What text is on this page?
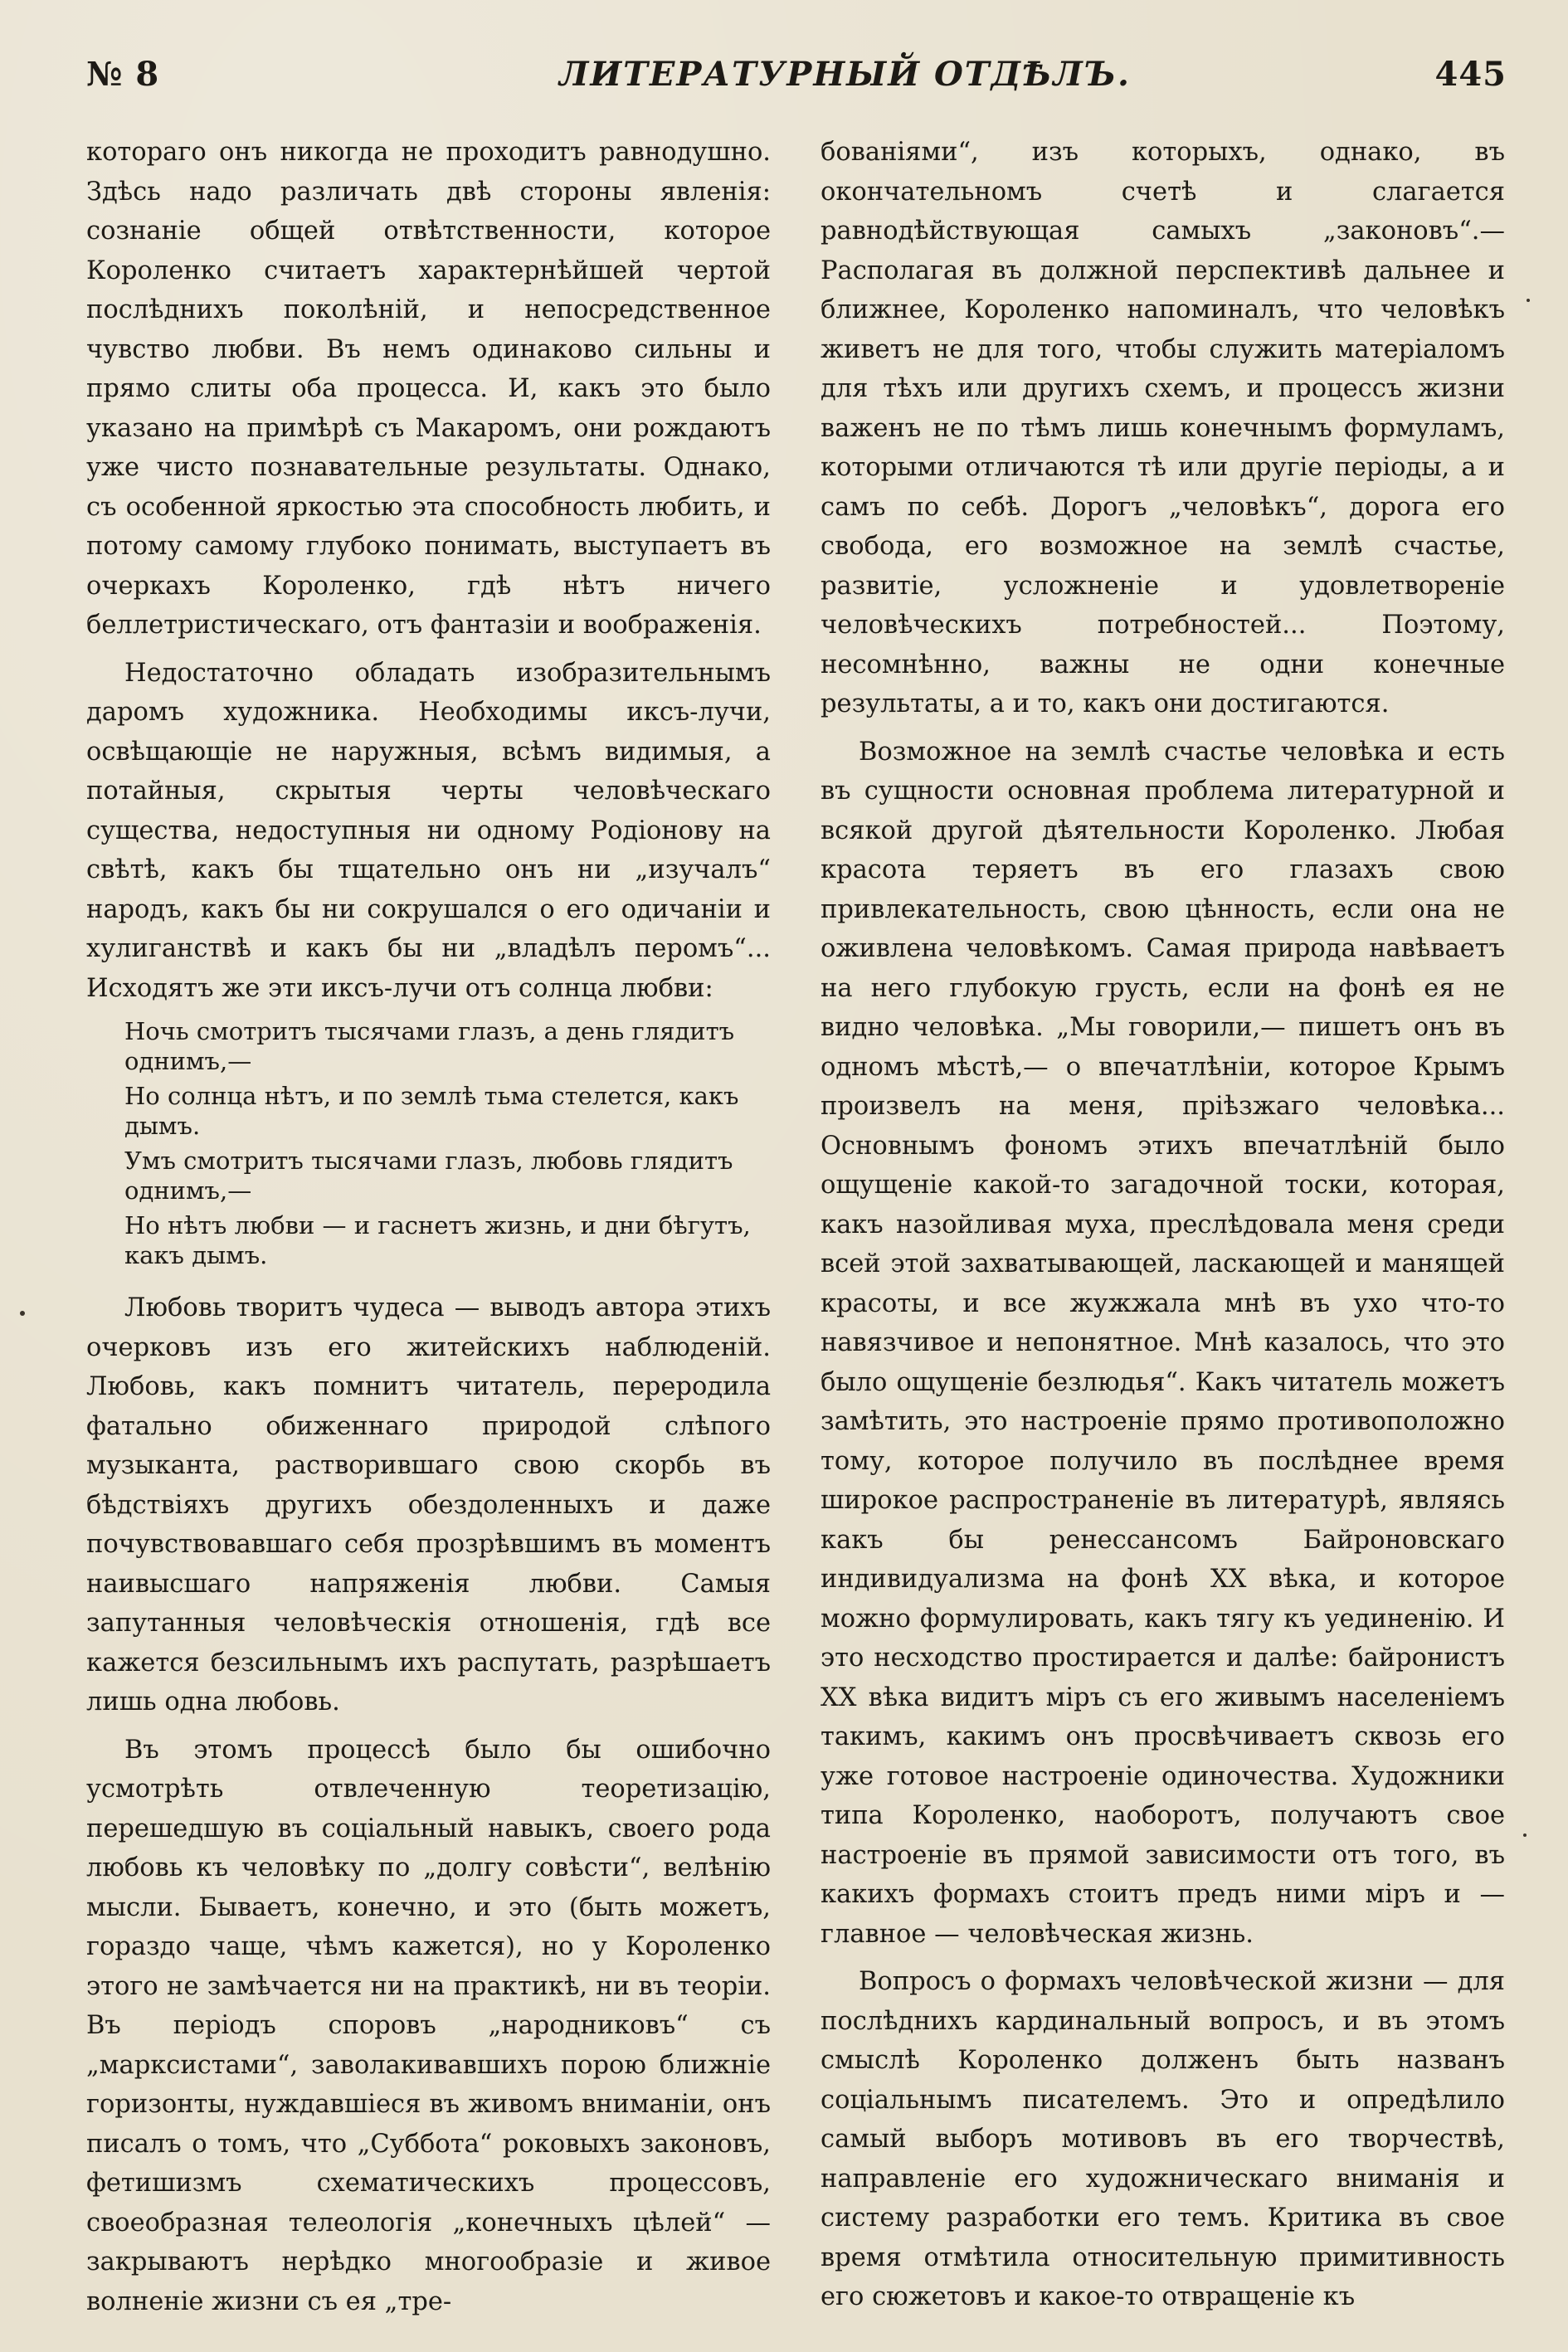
№ 8	ЛИТЕРАТУРНЫЙ ОТДѢЛЪ.	445

котораго онъ никогда не проходитъ равнодушно. Здѣсь надо различать двѣ стороны явленія: сознаніе общей отвѣтственности, которое Короленко считаетъ характернѣйшей чертой послѣднихъ поколѣній, и непосредственное чувство любви. Въ немъ одинаково сильны и прямо слиты оба процесса. И, какъ это было указано на примѣрѣ съ Макаромъ, они рождаютъ уже чисто познавательные результаты. Однако, съ особенной яркостью эта способность любить, и потому самому глубоко понимать, выступаетъ въ очеркахъ Короленко, гдѣ нѣтъ ничего беллетристическаго, отъ фантазіи и воображенія.

Недостаточно обладать изобразительнымъ даромъ художника. Необходимы иксъ-лучи, освѣщающіе не наружныя, всѣмъ видимыя, а потайныя, скрытыя черты человѣческаго существа, недоступныя ни одному Родіонову на свѣтѣ, какъ бы тщательно онъ ни „изучалъ“ народъ, какъ бы ни сокрушался о его одичаніи и хулиганствѣ и какъ бы ни „владѣлъ перомъ“... Исходятъ же эти иксъ-лучи отъ солнца любви:

Ночь смотритъ тысячами глазъ, а день глядитъ однимъ,—
Но солнца нѣтъ, и по землѣ тьма стелется, какъ дымъ.
Умъ смотритъ тысячами глазъ, любовь глядитъ однимъ,—
Но нѣтъ любви — и гаснетъ жизнь, и дни бѣгутъ, какъ дымъ.

Любовь творитъ чудеса — выводъ автора этихъ очерковъ изъ его житейскихъ наблюденій. Любовь, какъ помнитъ читатель, переродила фатально обиженнаго природой слѣпого музыканта, растворившаго свою скорбь въ бѣдствіяхъ другихъ обездоленныхъ и даже почувствовавшаго себя прозрѣвшимъ въ моментъ наивысшаго напряженія любви. Самыя запутанныя человѣческія отношенія, гдѣ все кажется безсильнымъ ихъ распутать, разрѣшаетъ лишь одна любовь.

Въ этомъ процессѣ было бы ошибочно усмотрѣть отвлеченную теоретизацію, перешедшую въ соціальный навыкъ, своего рода любовь къ человѣку по „долгу совѣсти“, велѣнію мысли. Бываетъ, конечно, и это (быть можетъ, гораздо чаще, чѣмъ кажется), но у Короленко этого не замѣчается ни на практикѣ, ни въ теоріи. Въ періодъ споровъ „народниковъ“ съ „марксистами“, заволакивавшихъ порою ближніе горизонты, нуждавшіеся въ живомъ вниманіи, онъ писалъ о томъ, что „Суббота“ роковыхъ законовъ, фетишизмъ схематическихъ процессовъ, своеобразная телеологія „конечныхъ цѣлей“ — закрываютъ нерѣдко многообразіе и живое волненіе жизни съ ея „тре-

бованіями“, изъ которыхъ, однако, въ окончательномъ счетѣ и слагается равнодѣйствующая самыхъ „законовъ“.— Располагая въ должной перспективѣ дальнее и ближнее, Короленко напоминалъ, что человѣкъ живетъ не для того, чтобы служить матеріаломъ для тѣхъ или другихъ схемъ, и процессъ жизни важенъ не по тѣмъ лишь конечнымъ формуламъ, которыми отличаются тѣ или другіе періоды, а и самъ по себѣ. Дорогъ „человѣкъ“, дорога его свобода, его возможное на землѣ счастье, развитіе, усложненіе и удовлетвореніе человѣческихъ потребностей... Поэтому, несомнѣнно, важны не одни конечные результаты, а и то, какъ они достигаются.

Возможное на землѣ счастье человѣка и есть въ сущности основная проблема литературной и всякой другой дѣятельности Короленко. Любая красота теряетъ въ его глазахъ свою привлекательность, свою цѣнность, если она не оживлена человѣкомъ. Самая природа навѣваетъ на него глубокую грусть, если на фонѣ ея не видно человѣка. „Мы говорили,— пишетъ онъ въ одномъ мѣстѣ,— о впечатлѣніи, которое Крымъ произвелъ на меня, пріѣзжаго человѣка... Основнымъ фономъ этихъ впечатлѣній было ощущеніе какой-то загадочной тоски, которая, какъ назойливая муха, преслѣдовала меня среди всей этой захватывающей, ласкающей и манящей красоты, и все жужжала мнѣ въ ухо что-то навязчивое и непонятное. Мнѣ казалось, что это было ощущеніе безлюдья“. Какъ читатель можетъ замѣтить, это настроеніе прямо противоположно тому, которое получило въ послѣднее время широкое распространеніе въ литературѣ, являясь какъ бы ренессансомъ Байроновскаго индивидуализма на фонѣ XX вѣка, и которое можно формулировать, какъ тягу къ уединенію. И это несходство простирается и далѣе: байронистъ XX вѣка видитъ міръ съ его живымъ населеніемъ такимъ, какимъ онъ просвѣчиваетъ сквозь его уже готовое настроеніе одиночества. Художники типа Короленко, наоборотъ, получаютъ свое настроеніе въ прямой зависимости отъ того, въ какихъ формахъ стоитъ предъ ними міръ и — главное — человѣческая жизнь.

Вопросъ о формахъ человѣческой жизни — для послѣднихъ кардинальный вопросъ, и въ этомъ смыслѣ Короленко долженъ быть названъ соціальнымъ писателемъ. Это и опредѣлило самый выборъ мотивовъ въ его творчествѣ, направленіе его художническаго вниманія и систему разработки его темъ. Критика въ свое время отмѣтила относительную примитивность его сюжетовъ и какое-то отвращеніе къ
